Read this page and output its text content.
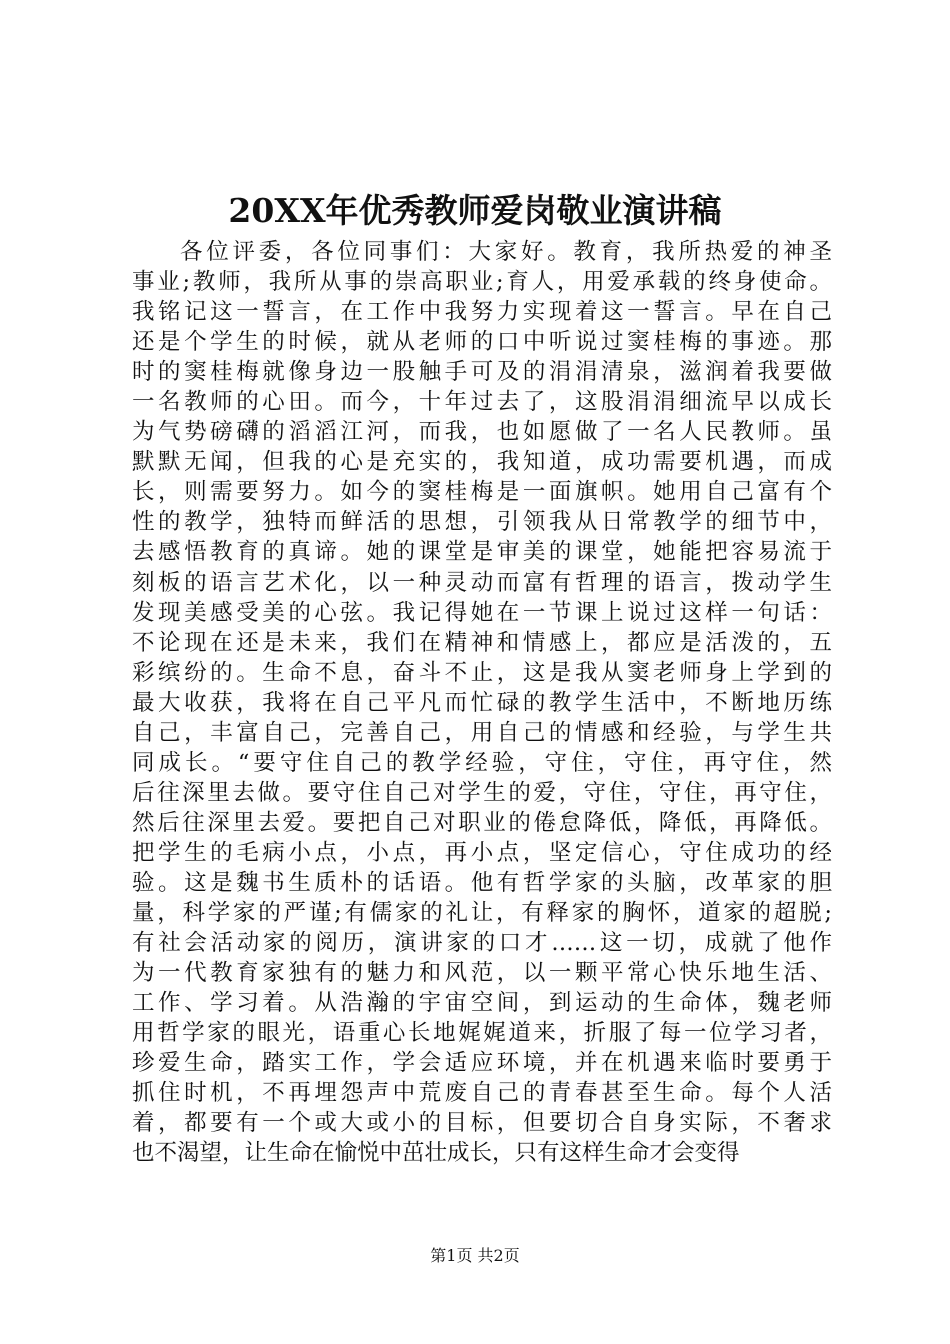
20XX年优秀教师爱岗敬业演讲稿
各位评委，各位同事们：大家好。教育，我所热爱的神圣
事业;教师，我所从事的崇高职业;育人，用爱承载的终身使命。
我铭记这一誓言，在工作中我努力实现着这一誓言。早在自己
还是个学生的时候，就从老师的口中听说过窦桂梅的事迹。那
时的窦桂梅就像身边一股触手可及的涓涓清泉，滋润着我要做
一名教师的心田。而今，十年过去了，这股涓涓细流早以成长
为气势磅礴的滔滔江河，而我，也如愿做了一名人民教师。虽
默默无闻，但我的心是充实的，我知道，成功需要机遇，而成
长，则需要努力。如今的窦桂梅是一面旗帜。她用自己富有个
性的教学，独特而鲜活的思想，引领我从日常教学的细节中，
去感悟教育的真谛。她的课堂是审美的课堂，她能把容易流于
刻板的语言艺术化，以一种灵动而富有哲理的语言，拨动学生
发现美感受美的心弦。我记得她在一节课上说过这样一句话：
不论现在还是未来，我们在精神和情感上，都应是活泼的，五
彩缤纷的。生命不息，奋斗不止，这是我从窦老师身上学到的
最大收获，我将在自己平凡而忙碌的教学生活中，不断地历练
自己，丰富自己，完善自己，用自己的情感和经验，与学生共
同成长。“要守住自己的教学经验，守住，守住，再守住，然
后往深里去做。要守住自己对学生的爱，守住，守住，再守住，
然后往深里去爱。要把自己对职业的倦怠降低，降低，再降低。
把学生的毛病小点，小点，再小点，坚定信心，守住成功的经
验。这是魏书生质朴的话语。他有哲学家的头脑，改革家的胆
量，科学家的严谨;有儒家的礼让，有释家的胸怀，道家的超脱;
有社会活动家的阅历，演讲家的口才……这一切，成就了他作
为一代教育家独有的魅力和风范，以一颗平常心快乐地生活、
工作、学习着。从浩瀚的宇宙空间，到运动的生命体，魏老师
用哲学家的眼光，语重心长地娓娓道来，折服了每一位学习者，
珍爱生命，踏实工作，学会适应环境，并在机遇来临时要勇于
抓住时机，不再埋怨声中荒废自己的青春甚至生命。每个人活
着，都要有一个或大或小的目标，但要切合自身实际，不奢求
也不渴望，让生命在愉悦中茁壮成长，只有这样生命才会变得
第1页 共2页
